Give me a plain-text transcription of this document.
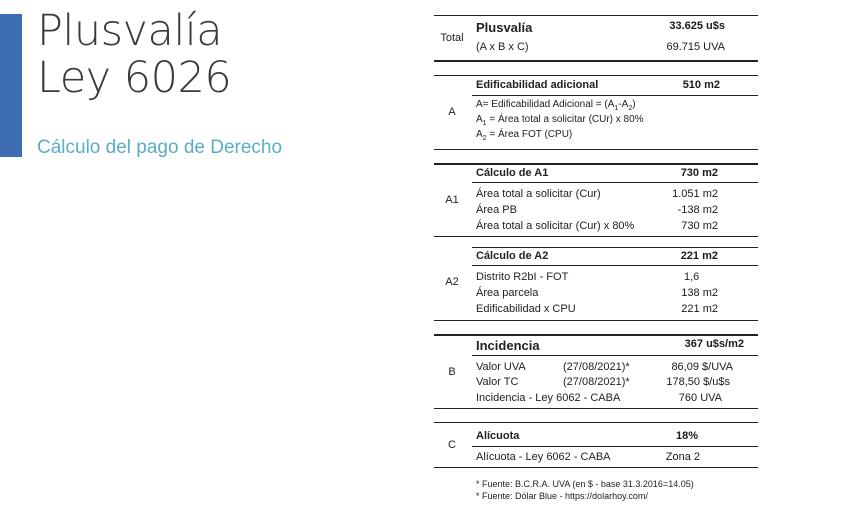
Plusvalía
Ley 6026
Cálculo del pago de Derecho
Total
Plusvalía	33.625 u$s
(A x B x C)	69.715 UVA
A
Edificabilidad adicional	510 m2
A= Edificabilidad Adicional = $(A_1-A_2)$
$A_1$ = Área total a solicitar (CUr) x 80%
$A_2$ = Área FOT (CPU)
A1
Cálculo de A1	730 m2
Área total a solicitar (Cur)	1.051 m2
Área PB	-138 m2
Área total a solicitar (Cur) x 80%	730 m2
A2
Cálculo de A2	221 m2
Distrito R2bI - FOT	1,6
Área parcela	138 m2
Edificabilidad x CPU	221 m2
B
Incidencia	367 u$s/m2
Valor UVA	(27/08/2021)*	86,09 $/UVA
Valor TC	(27/08/2021)*	178,50 $/u$s
Incidencia - Ley 6062 - CABA	760 UVA
C
Alícuota	18%
Alícuota - Ley 6062 - CABA	Zona 2
* Fuente: B.C.R.A. UVA (en $ - base 31.3.2016=14.05)
* Fuente: Dólar Blue - https://dolarhoy.com/
